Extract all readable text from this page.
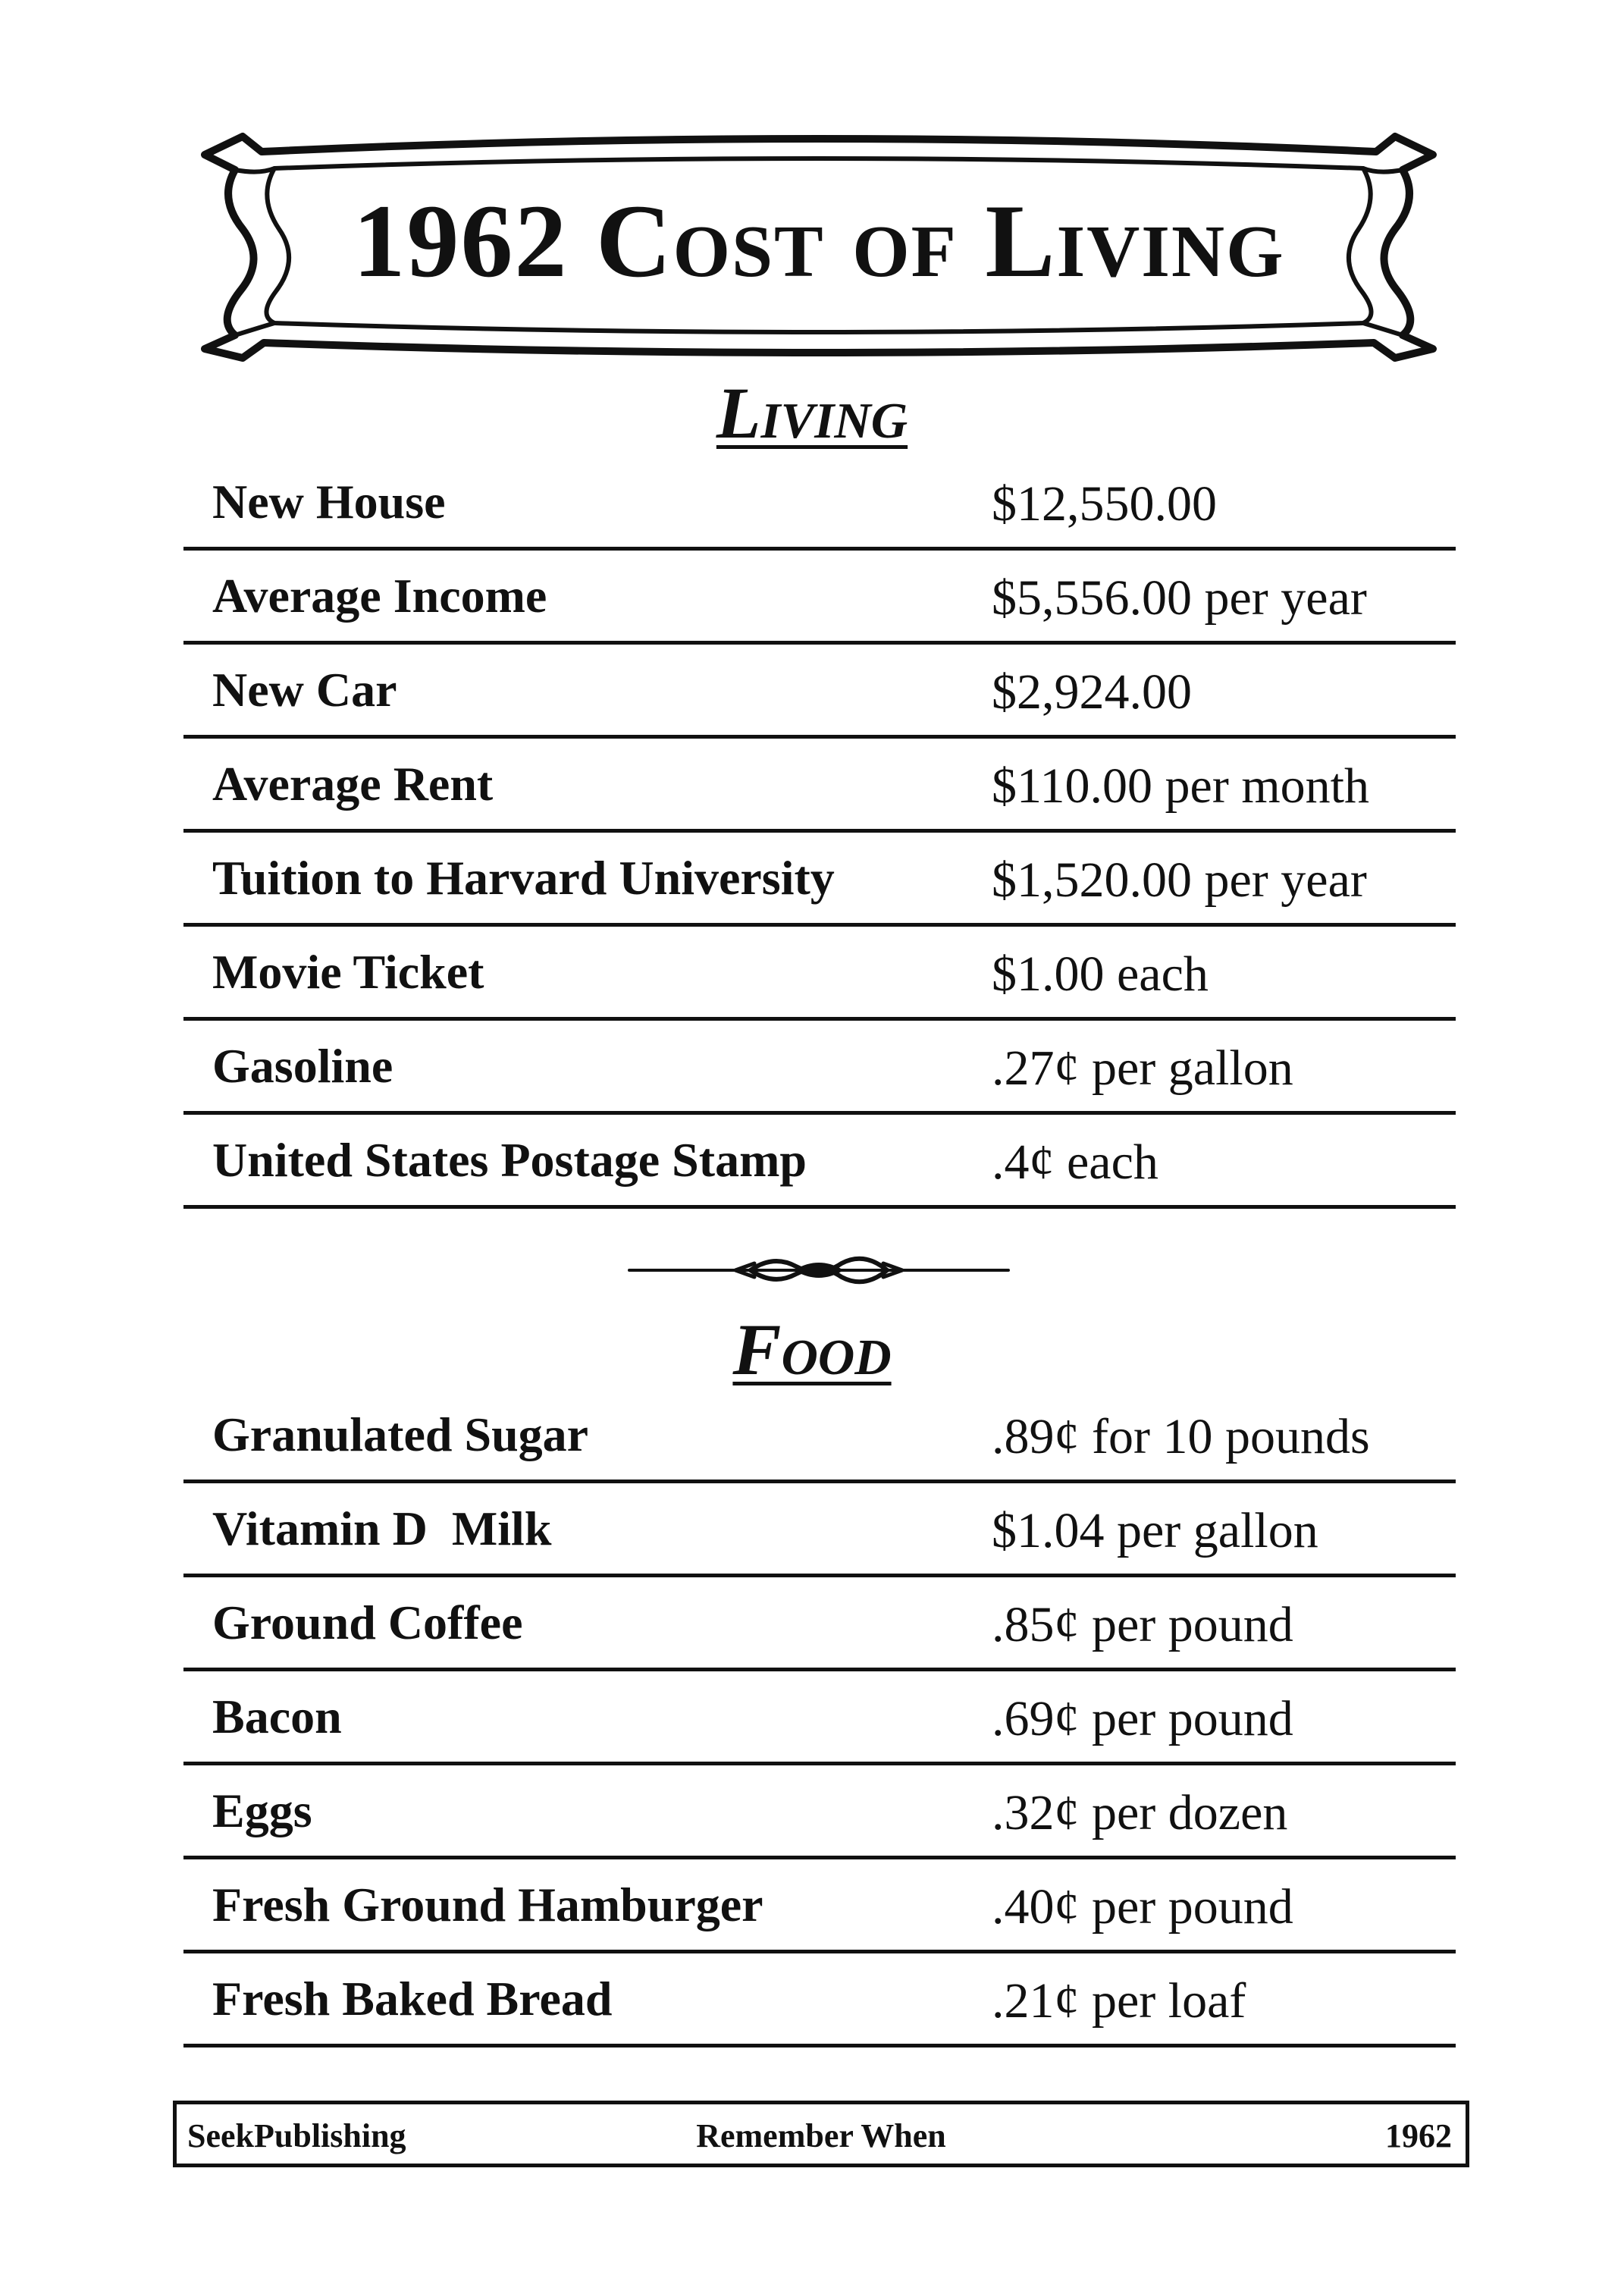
1962 Cost of Living
Living
New House	$12,550.00
Average Income	$5,556.00 per year
New Car	$2,924.00
Average Rent	$110.00 per month
Tuition to Harvard University	$1,520.00 per year
Movie Ticket	$1.00 each
Gasoline	.27¢ per gallon
United States Postage Stamp	.4¢ each
Food
Granulated Sugar	.89¢ for 10 pounds
Vitamin D  Milk	$1.04 per gallon
Ground Coffee	.85¢ per pound
Bacon	.69¢ per pound
Eggs	.32¢ per dozen
Fresh Ground Hamburger	.40¢ per pound
Fresh Baked Bread	.21¢ per loaf
SeekPublishing	Remember When	1962
